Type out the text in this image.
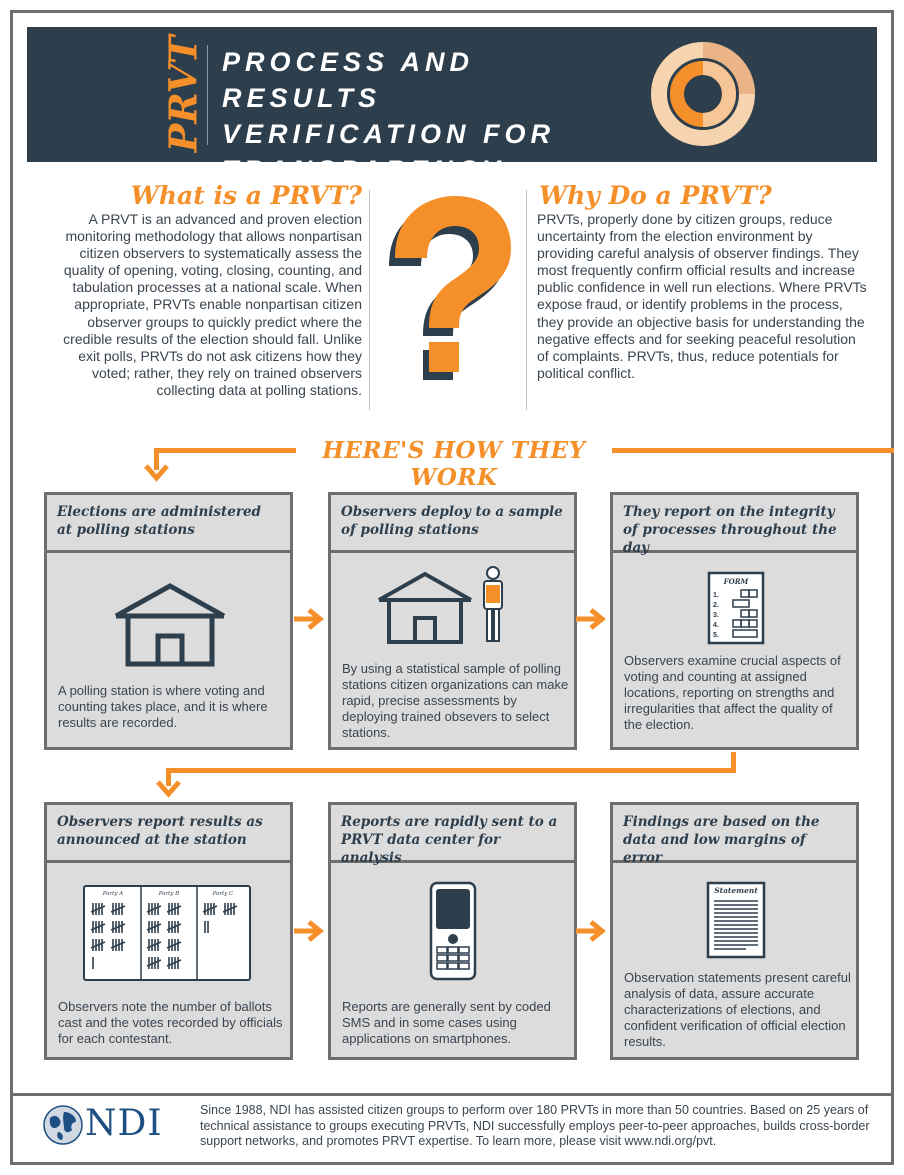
PRVT PROCESS AND RESULTS
VERIFICATION FOR
TRANSPARENCY
What is a PRVT?
A PRVT is an advanced and proven election monitoring methodology that allows nonpartisan citizen observers to systematically assess the quality of opening, voting, closing, counting, and tabulation processes at a national scale. When appropriate, PRVTs enable nonpartisan citizen observer groups to quickly predict where the credible results of the election should fall. Unlike exit polls, PRVTs do not ask citizens how they voted; rather, they rely on trained observers collecting data at polling stations.
Why Do a PRVT?
PRVTs, properly done by citizen groups, reduce uncertainty from the election environment by providing careful analysis of observer findings. They most frequently confirm official results and increase public confidence in well run elections. Where PRVTs expose fraud, or identify problems in the process, they provide an objective basis for understanding the negative effects and for seeking peaceful resolution of complaints. PRVTs, thus, reduce potentials for political conflict.
HERE'S HOW THEY WORK
Elections are administered at polling stations
A polling station is where voting and counting takes place, and it is where results are recorded.
Observers deploy to a sample of polling stations
By using a statistical sample of polling stations citizen organizations can make rapid, precise assessments by deploying trained obsevers to select stations.
They report on the integrity of processes throughout the day
FORM
1.
2.
3.
4.
5.
Observers examine crucial aspects of voting and counting at assigned locations, reporting on strengths and irregularities that affect the quality of the election.
Observers report results as announced at the station
Party A	Party B	Party C
Observers note the number of ballots cast and the votes recorded by officials for each contestant.
Reports are rapidly sent to a PRVT data center for analysis
Reports are generally sent by coded SMS and in some cases using applications on smartphones.
Findings are based on the data and low margins of error
Statement
Observation statements present careful analysis of data, assure accurate characterizations of elections, and confident verification of official election results.
NDI	Since 1988, NDI has assisted citizen groups to perform over 180 PRVTs in more than 50 countries. Based on 25 years of technical assistance to groups executing PRVTs, NDI successfully employs peer-to-peer approaches, builds cross-border support networks, and promotes PRVT expertise. To learn more, please visit www.ndi.org/pvt.
